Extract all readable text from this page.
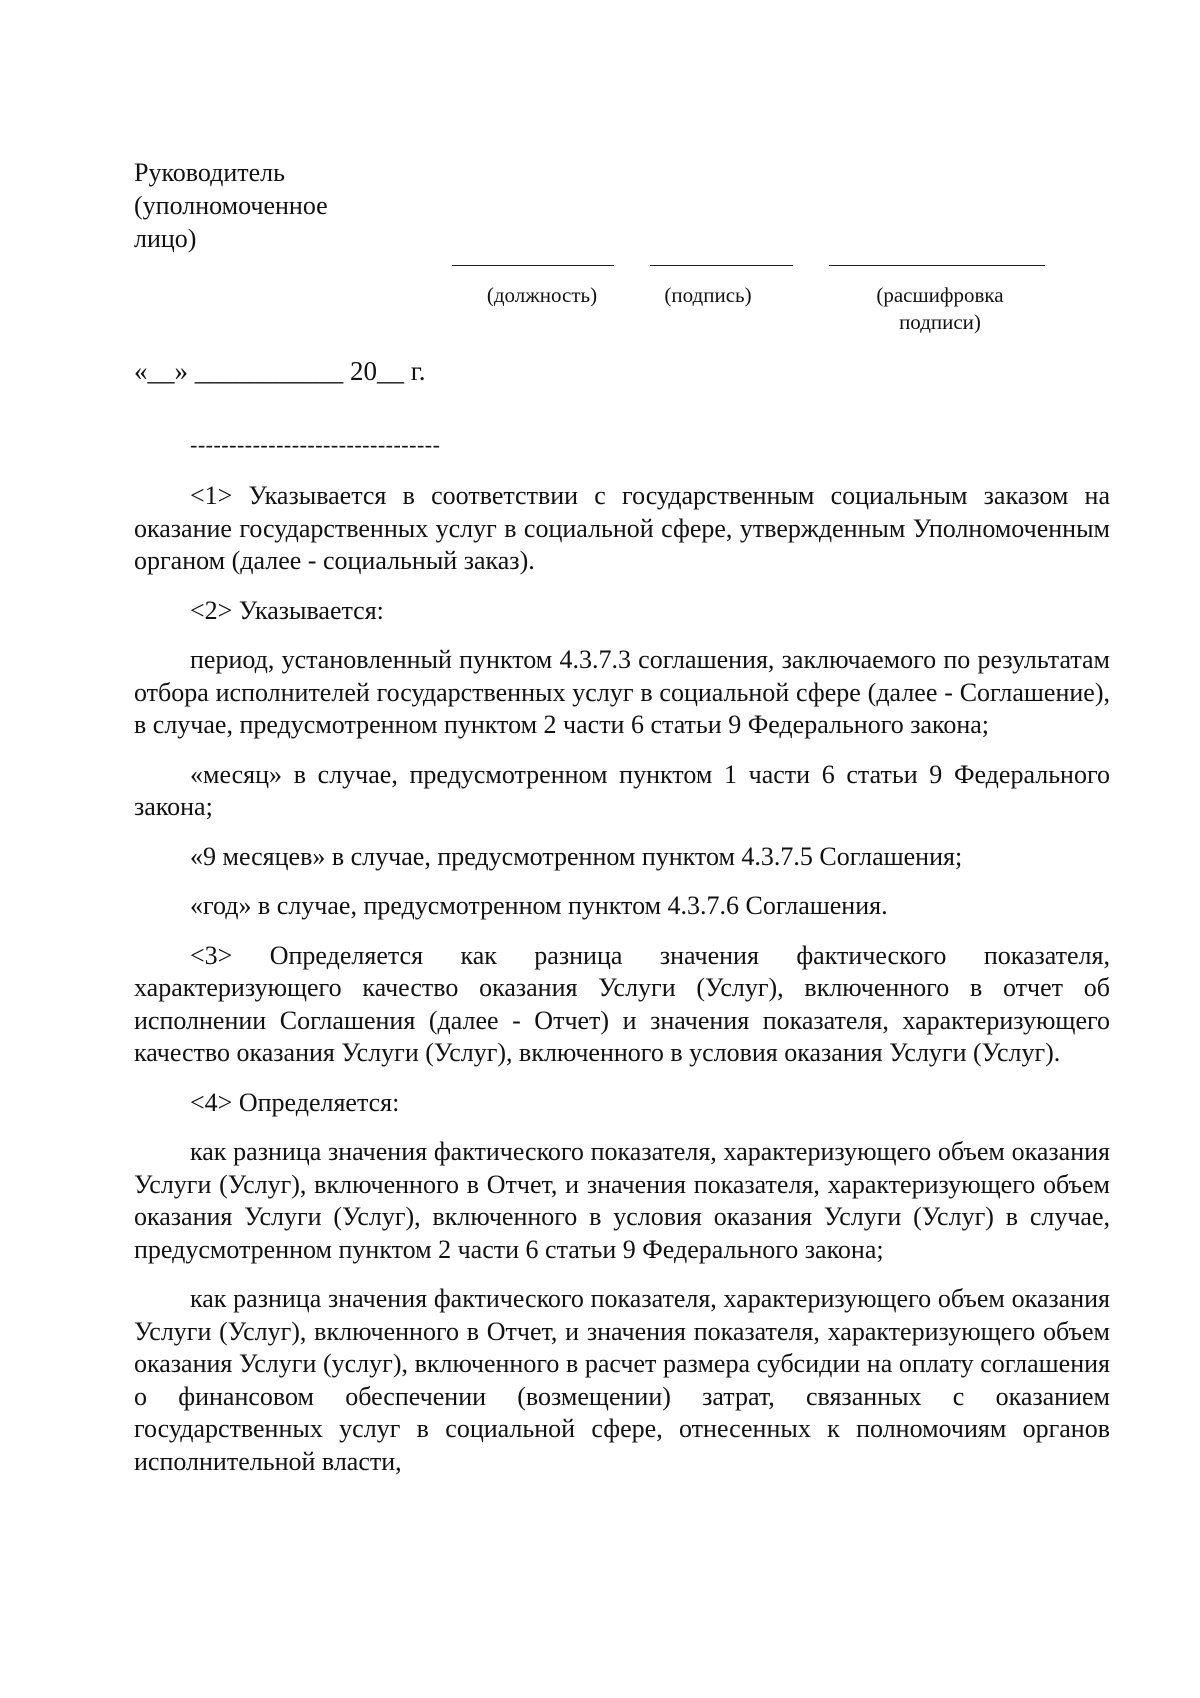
Руководитель
(уполномоченное
лицо)
(должность)	(подпись)	(расшифровка
подписи)
«__» ___________ 20__ г.
--------------------------------

<1> Указывается в соответствии с государственным социальным заказом на оказание государственных услуг в социальной сфере, утвержденным Уполномоченным органом (далее - социальный заказ).

<2> Указывается:

период, установленный пунктом 4.3.7.3 соглашения, заключаемого по результатам отбора исполнителей государственных услуг в социальной сфере (далее - Соглашение), в случае, предусмотренном пунктом 2 части 6 статьи 9 Федерального закона;

«месяц» в случае, предусмотренном пунктом 1 части 6 статьи 9 Федерального закона;

«9 месяцев» в случае, предусмотренном пунктом 4.3.7.5 Соглашения;

«год» в случае, предусмотренном пунктом 4.3.7.6 Соглашения.

<3> Определяется как разница значения фактического показателя, характеризующего качество оказания Услуги (Услуг), включенного в отчет об исполнении Соглашения (далее - Отчет) и значения показателя, характеризующего качество оказания Услуги (Услуг), включенного в условия оказания Услуги (Услуг).

<4> Определяется:

как разница значения фактического показателя, характеризующего объем оказания Услуги (Услуг), включенного в Отчет, и значения показателя, характеризующего объем оказания Услуги (Услуг), включенного в условия оказания Услуги (Услуг) в случае, предусмотренном пунктом 2 части 6 статьи 9 Федерального закона;

как разница значения фактического показателя, характеризующего объем оказания Услуги (Услуг), включенного в Отчет, и значения показателя, характеризующего объем оказания Услуги (услуг), включенного в расчет размера субсидии на оплату соглашения о финансовом обеспечении (возмещении) затрат, связанных с оказанием государственных услуг в социальной сфере, отнесенных к полномочиям органов исполнительной власти,
